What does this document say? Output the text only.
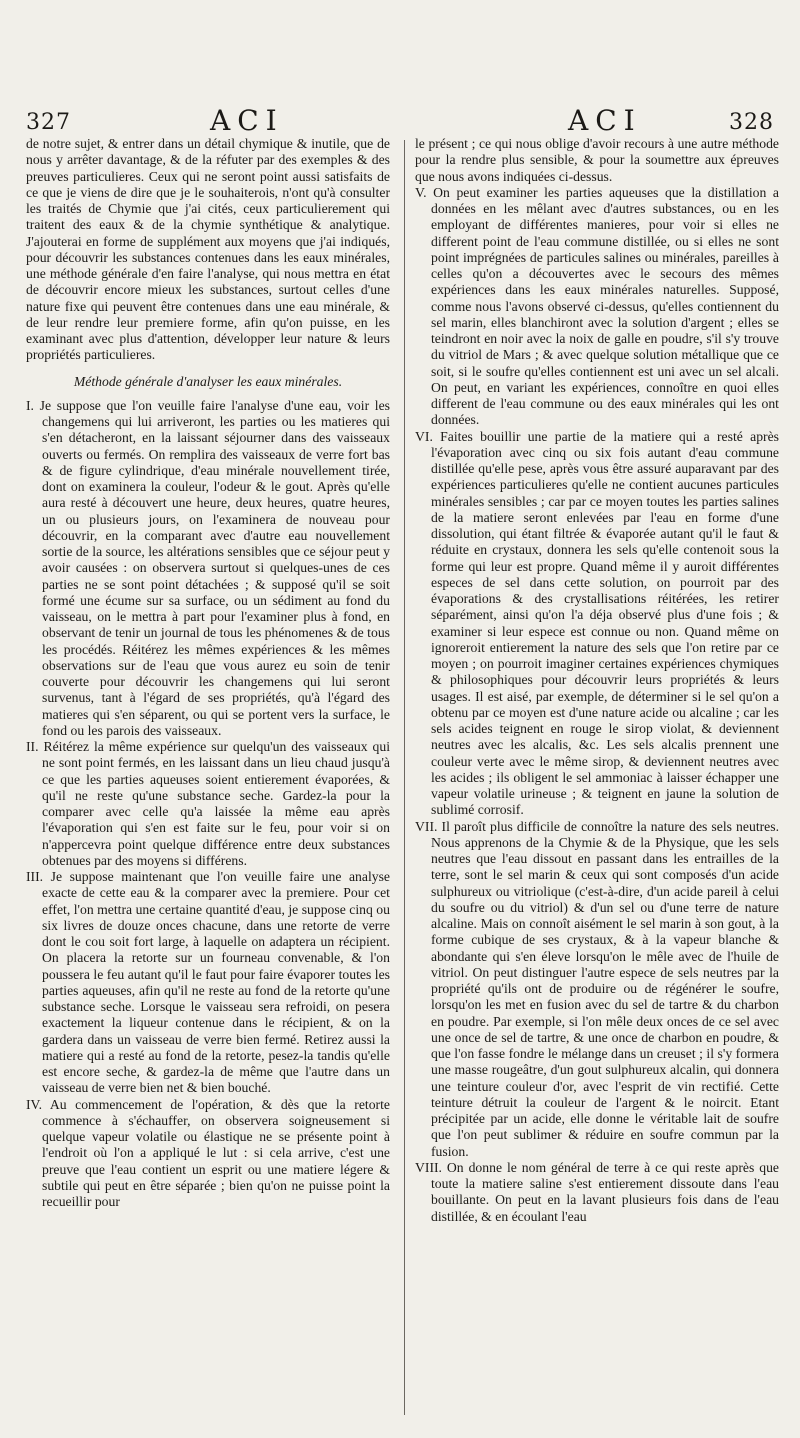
327	ACI	ACI	328

de notre sujet, & entrer dans un détail chymique & inutile, que de nous y arrêter davantage, & de la réfuter par des exemples & des preuves particulieres. Ceux qui ne seront point aussi satisfaits de ce que je viens de dire que je le souhaiterois, n'ont qu'à consulter les traités de Chymie que j'ai cités, ceux particulierement qui traitent des eaux & de la chymie synthétique & analytique. J'ajouterai en forme de supplément aux moyens que j'ai indiqués, pour découvrir les substances contenues dans les eaux minérales, une méthode générale d'en faire l'analyse, qui nous mettra en état de découvrir encore mieux les substances, surtout celles d'une nature fixe qui peuvent être contenues dans une eau minérale, & de leur rendre leur premiere forme, afin qu'on puisse, en les examinant avec plus d'attention, développer leur nature & leurs propriétés particulieres.

Méthode générale d'analyser les eaux minérales.

I. Je suppose que l'on veuille faire l'analyse d'une eau, voir les changemens qui lui arriveront, les parties ou les matieres qui s'en détacheront, en la laissant séjourner dans des vaisseaux ouverts ou fermés. On remplira des vaisseaux de verre fort bas & de figure cylindrique, d'eau minérale nouvellement tirée, dont on examinera la couleur, l'odeur & le gout. Après qu'elle aura resté à découvert une heure, deux heures, quatre heures, un ou plusieurs jours, on l'examinera de nouveau pour découvrir, en la comparant avec d'autre eau nouvellement sortie de la source, les altérations sensibles que ce séjour peut y avoir causées : on observera surtout si quelques-unes de ces parties ne se sont point détachées ; & supposé qu'il se soit formé une écume sur sa surface, ou un sédiment au fond du vaisseau, on le mettra à part pour l'examiner plus à fond, en observant de tenir un journal de tous les phénomenes & de tous les procédés. Réitérez les mêmes expériences & les mêmes observations sur de l'eau que vous aurez eu soin de tenir couverte pour découvrir les changemens qui lui seront survenus, tant à l'égard de ses propriétés, qu'à l'égard des matieres qui s'en séparent, ou qui se portent vers la surface, le fond ou les parois des vaisseaux.

II. Réitérez la même expérience sur quelqu'un des vaisseaux qui ne sont point fermés, en les laissant dans un lieu chaud jusqu'à ce que les parties aqueuses soient entierement évaporées, & qu'il ne reste qu'une substance seche. Gardez-la pour la comparer avec celle qu'a laissée la même eau après l'évaporation qui s'en est faite sur le feu, pour voir si on n'appercevra point quelque différence entre deux substances obtenues par des moyens si différens.

III. Je suppose maintenant que l'on veuille faire une analyse exacte de cette eau & la comparer avec la premiere. Pour cet effet, l'on mettra une certaine quantité d'eau, je suppose cinq ou six livres de douze onces chacune, dans une retorte de verre dont le cou soit fort large, à laquelle on adaptera un récipient. On placera la retorte sur un fourneau convenable, & l'on poussera le feu autant qu'il le faut pour faire évaporer toutes les parties aqueuses, afin qu'il ne reste au fond de la retorte qu'une substance seche. Lorsque le vaisseau sera refroidi, on pesera exactement la liqueur contenue dans le récipient, & on la gardera dans un vaisseau de verre bien fermé. Retirez aussi la matiere qui a resté au fond de la retorte, pesez-la tandis qu'elle est encore seche, & gardez-la de même que l'autre dans un vaisseau de verre bien net & bien bouché.

IV. Au commencement de l'opération, & dès que la retorte commence à s'échauffer, on observera soigneusement si quelque vapeur volatile ou élastique ne se présente point à l'endroit où l'on a appliqué le lut : si cela arrive, c'est une preuve que l'eau contient un esprit ou une matiere légere & subtile qui peut en être séparée ; bien qu'on ne puisse point la recueillir pour

le présent ; ce qui nous oblige d'avoir recours à une autre méthode pour la rendre plus sensible, & pour la soumettre aux épreuves que nous avons indiquées ci-dessus.

V. On peut examiner les parties aqueuses que la distillation a données en les mêlant avec d'autres substances, ou en les employant de différentes manieres, pour voir si elles ne different point de l'eau commune distillée, ou si elles ne sont point imprégnées de particules salines ou minérales, pareilles à celles qu'on a découvertes avec le secours des mêmes expériences dans les eaux minérales naturelles. Supposé, comme nous l'avons observé ci-dessus, qu'elles contiennent du sel marin, elles blanchiront avec la solution d'argent ; elles se teindront en noir avec la noix de galle en poudre, s'il s'y trouve du vitriol de Mars ; & avec quelque solution métallique que ce soit, si le soufre qu'elles contiennent est uni avec un sel alcali. On peut, en variant les expériences, connoître en quoi elles different de l'eau commune ou des eaux minérales qui les ont données.

VI. Faites bouillir une partie de la matiere qui a resté après l'évaporation avec cinq ou six fois autant d'eau commune distillée qu'elle pese, après vous être assuré auparavant par des expériences particulieres qu'elle ne contient aucunes particules minérales sensibles ; car par ce moyen toutes les parties salines de la matiere seront enlevées par l'eau en forme d'une dissolution, qui étant filtrée & évaporée autant qu'il le faut & réduite en crystaux, donnera les sels qu'elle contenoit sous la forme qui leur est propre. Quand même il y auroit différentes especes de sel dans cette solution, on pourroit par des évaporations & des crystallisations réitérées, les retirer séparément, ainsi qu'on l'a déja observé plus d'une fois ; & examiner si leur espece est connue ou non. Quand même on ignoreroit entierement la nature des sels que l'on retire par ce moyen ; on pourroit imaginer certaines expériences chymiques & philosophiques pour découvrir leurs propriétés & leurs usages. Il est aisé, par exemple, de déterminer si le sel qu'on a obtenu par ce moyen est d'une nature acide ou alcaline ; car les sels acides teignent en rouge le sirop violat, & deviennent neutres avec les alcalis, &c. Les sels alcalis prennent une couleur verte avec le même sirop, & deviennent neutres avec les acides ; ils obligent le sel ammoniac à laisser échapper une vapeur volatile urineuse ; & teignent en jaune la solution de sublimé corrosif.

VII. Il paroît plus difficile de connoître la nature des sels neutres. Nous apprenons de la Chymie & de la Physique, que les sels neutres que l'eau dissout en passant dans les entrailles de la terre, sont le sel marin & ceux qui sont composés d'un acide sulphureux ou vitriolique (c'est-à-dire, d'un acide pareil à celui du soufre ou du vitriol) & d'un sel ou d'une terre de nature alcaline. Mais on connoît aisément le sel marin à son gout, à la forme cubique de ses crystaux, & à la vapeur blanche & abondante qui s'en éleve lorsqu'on le mêle avec de l'huile de vitriol. On peut distinguer l'autre espece de sels neutres par la propriété qu'ils ont de produire ou de régénérer le soufre, lorsqu'on les met en fusion avec du sel de tartre & du charbon en poudre. Par exemple, si l'on mêle deux onces de ce sel avec une once de sel de tartre, & une once de charbon en poudre, & que l'on fasse fondre le mélange dans un creuset ; il s'y formera une masse rougeâtre, d'un gout sulphureux alcalin, qui donnera une teinture couleur d'or, avec l'esprit de vin rectifié. Cette teinture détruit la couleur de l'argent & le noircit. Etant précipitée par un acide, elle donne le véritable lait de soufre que l'on peut sublimer & réduire en soufre commun par la fusion.

VIII. On donne le nom général de terre à ce qui reste après que toute la matiere saline s'est entierement dissoute dans l'eau bouillante. On peut en la lavant plusieurs fois dans de l'eau distillée, & en écoulant l'eau
